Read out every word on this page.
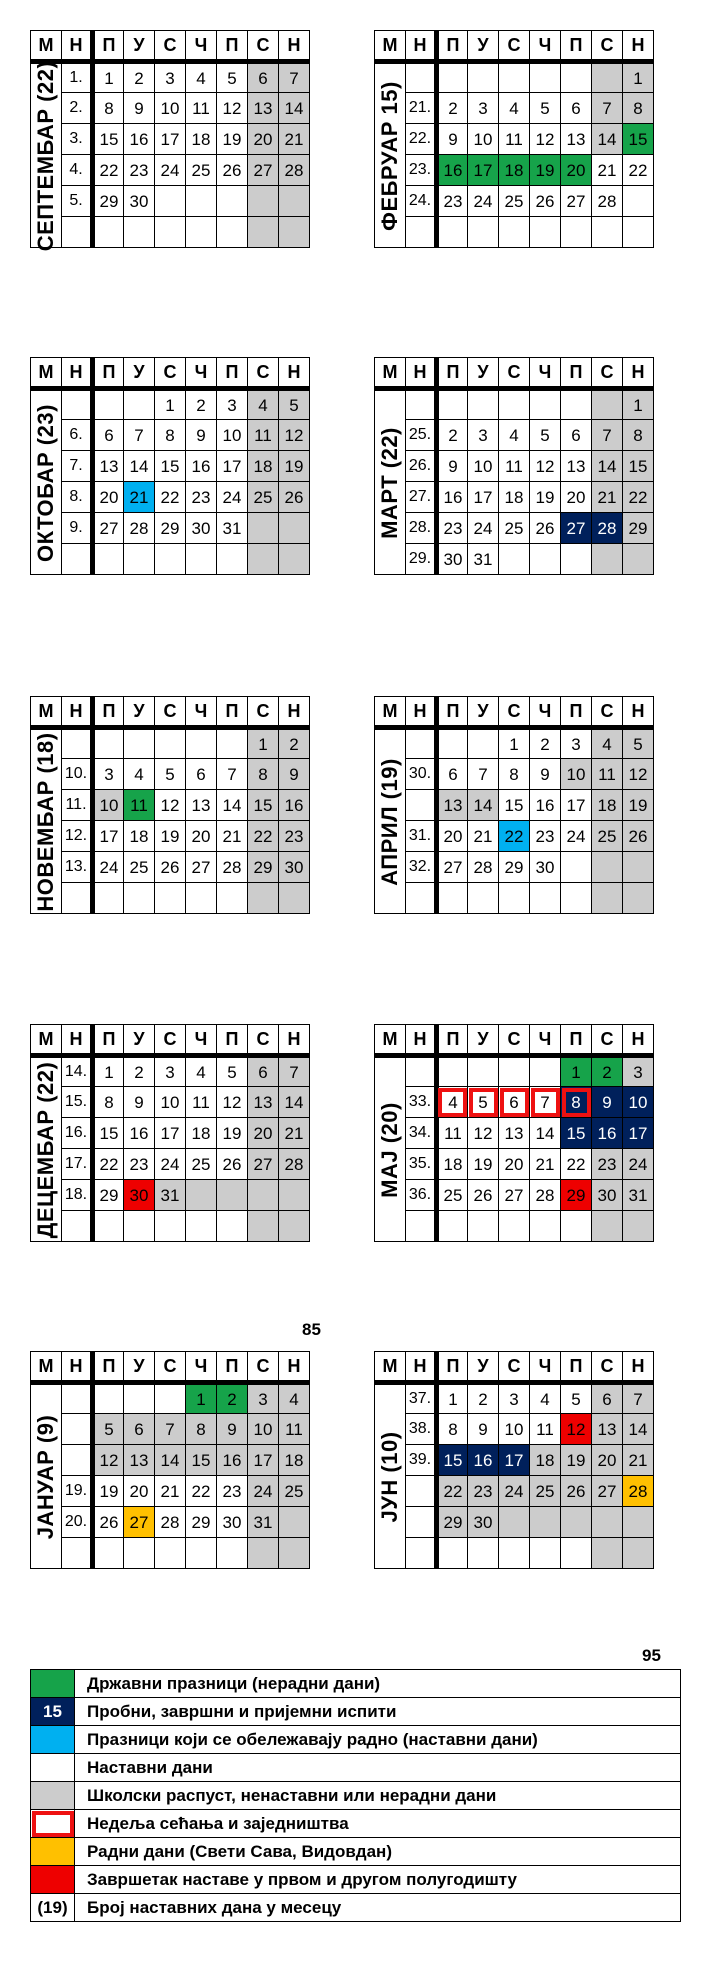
М	Н	П	У	С	Ч	П	С	Н

СЕПТЕМБАР (22)	1.	1	2	3	4	5	6	7
	2.	8	9	10	11	12	13	14
	3.	15	16	17	18	19	20	21
	4.	22	23	24	25	26	27	28
	5.	29	30					

М	Н	П	У	С	Ч	П	С	Н

ФЕБРУАР 15)								1
	21.	2	3	4	5	6	7	8
	22.	9	10	11	12	13	14	15
	23.	16	17	18	19	20	21	22
	24.	23	24	25	26	27	28	

М	Н	П	У	С	Ч	П	С	Н

ОКТОБАР (23)				1	2	3	4	5
	6.	6	7	8	9	10	11	12
	7.	13	14	15	16	17	18	19
	8.	20	21	22	23	24	25	26
	9.	27	28	29	30	31		

М	Н	П	У	С	Ч	П	С	Н

МАРТ (22)								1
	25.	2	3	4	5	6	7	8
	26.	9	10	11	12	13	14	15
	27.	16	17	18	19	20	21	22
	28.	23	24	25	26	27	28	29
	29.	30	31					
М	Н	П	У	С	Ч	П	С	Н

НОВЕМБАР (18)							1	2
	10.	3	4	5	6	7	8	9
	11.	10	11	12	13	14	15	16
	12.	17	18	19	20	21	22	23
	13.	24	25	26	27	28	29	30

М	Н	П	У	С	Ч	П	С	Н

АПРИЛ (19)				1	2	3	4	5
	30.	6	7	8	9	10	11	12
		13	14	15	16	17	18	19
	31.	20	21	22	23	24	25	26
	32.	27	28	29	30			

М	Н	П	У	С	Ч	П	С	Н

ДЕЦЕМБАР (22)	14.	1	2	3	4	5	6	7
	15.	8	9	10	11	12	13	14
	16.	15	16	17	18	19	20	21
	17.	22	23	24	25	26	27	28
	18.	29	30	31				

М	Н	П	У	С	Ч	П	С	Н

МАЈ (20)						1	2	3
	33.	4	5	6	7	8	9	10
	34.	11	12	13	14	15	16	17
	35.	18	19	20	21	22	23	24
	36.	25	26	27	28	29	30	31

М	Н	П	У	С	Ч	П	С	Н

ЈАНУАР (9)					1	2	3	4
		5	6	7	8	9	10	11
		12	13	14	15	16	17	18
	19.	19	20	21	22	23	24	25
	20.	26	27	28	29	30	31	

М	Н	П	У	С	Ч	П	С	Н

ЈУН (10)	37.	1	2	3	4	5	6	7
	38.	8	9	10	11	12	13	14
	39.	15	16	17	18	19	20	21
		22	23	24	25	26	27	28
		29	30					

85
95
	Државни празници (нерадни дани)
15	Пробни, завршни и пријемни испити
	Празници који се обележавају радно (наставни дани)
	Наставни дани
	Школски распуст, ненаставни или нерадни дани
	Недеља сећања и заједништва
	Радни дани (Свети Сава, Видовдан)
	Завршетак наставе у првом и другом полугодишту
(19)	Број наставних дана у месецу
